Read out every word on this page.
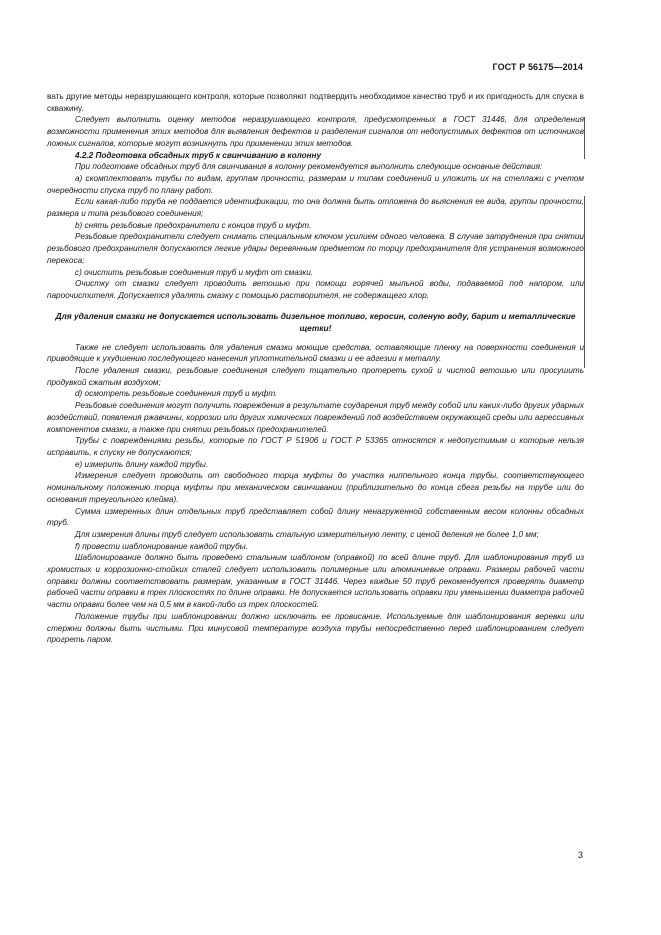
ГОСТ Р 56175—2014

вать другие методы неразрушающего контроля, которые позволяют подтвердить необходимое качество труб и их пригодность для спуска в скважину.

Следует выполнить оценку методов неразрушающего контроля, предусмотренных в ГОСТ 31446, для определения возможности применения этих методов для выявления дефектов и разделения сигналов от недопустимых дефектов от источников ложных сигналов, которые могут возникнуть при применении этих методов.

4.2.2 Подготовка обсадных труб к свинчиванию в колонну

При подготовке обсадных труб для свинчивания в колонну рекомендуется выполнить следующие основные действия:

а) скомплектовать трубы по видам, группам прочности, размерам и типам соединений и уложить их на стеллажи с учетом очередности спуска труб по плану работ.

Если какая-либо труба не поддается идентификации, то она должна быть отложена до выяснения ее вида, группы прочности, размера и типа резьбового соединения;

b) снять резьбовые предохранители с концов труб и муфт.

Резьбовые предохранители следует снимать специальным ключом усилием одного человека. В случае затруднения при снятии резьбового предохранителя допускаются легкие удары деревянным предметом по торцу предохранителя для устранения возможного перекоса;

с) очистить резьбовые соединения труб и муфт от смазки.

Очистку от смазки следует проводить ветошью при помощи горячей мыльной воды, подаваемой под напором, или пароочистителя. Допускается удалять смазку с помощью растворителя, не содержащего хлор.

Для удаления смазки не допускается использовать дизельное топливо, керосин, соленую воду, барит и металлические щетки!

Также не следует использовать для удаления смазки моющие средства, оставляющие пленку на поверхности соединения и приводящие к ухудшению последующего нанесения уплотнительной смазки и ее адгезии к металлу.

После удаления смазки, резьбовые соединения следует тщательно протереть сухой и чистой ветошью или просушить продувкой сжатым воздухом;

d) осмотреть резьбовые соединения труб и муфт.

Резьбовые соединения могут получить повреждения в результате соударения труб между собой или каких-либо других ударных воздействий, появления ржавчины, коррозии или других химических повреждений под воздействием окружающей среды или агрессивных компонентов смазки, а также при снятии резьбовых предохранителей.

Трубы с повреждениями резьбы, которые по ГОСТ Р 51906 и ГОСТ Р 53365 относятся к недопустимым и которые нельзя исправить, к спуску не допускаются;

e) измерить длину каждой трубы.

Измерения следует проводить от свободного торца муфты до участка ниппельного конца трубы, соответствующего номинальному положению торца муфты при механическом свинчивании (приблизительно до конца сбега резьбы на трубе или до основания треугольного клейма).

Сумма измеренных длин отдельных труб представляет собой длину ненагруженной собственным весом колонны обсадных труб.

Для измерения длины труб следует использовать стальную измерительную ленту, с ценой деления не более 1,0 мм;

f) провести шаблонирование каждой трубы.

Шаблонирование должно быть проведено стальным шаблоном (оправкой) по всей длине труб. Для шаблонирования труб из хромистых и коррозионно-стойких сталей следует использовать полимерные или алюминиевые оправки. Размеры рабочей части оправки должны соответствовать размерам, указанным в ГОСТ 31446. Через каждые 50 труб рекомендуется проверять диаметр рабочей части оправки в трех плоскостях по длине оправки. Не допускается использовать оправки при уменьшении диаметра рабочей части оправки более чем на 0,5 мм в какой-либо из трех плоскостей.

Положение трубы при шаблонировании должно исключать ее провисание. Используемые для шаблонирования веревки или стержни должны быть чистыми. При минусовой температуре воздуха трубы непосредственно перед шаблонированием следует прогреть паром.

3
